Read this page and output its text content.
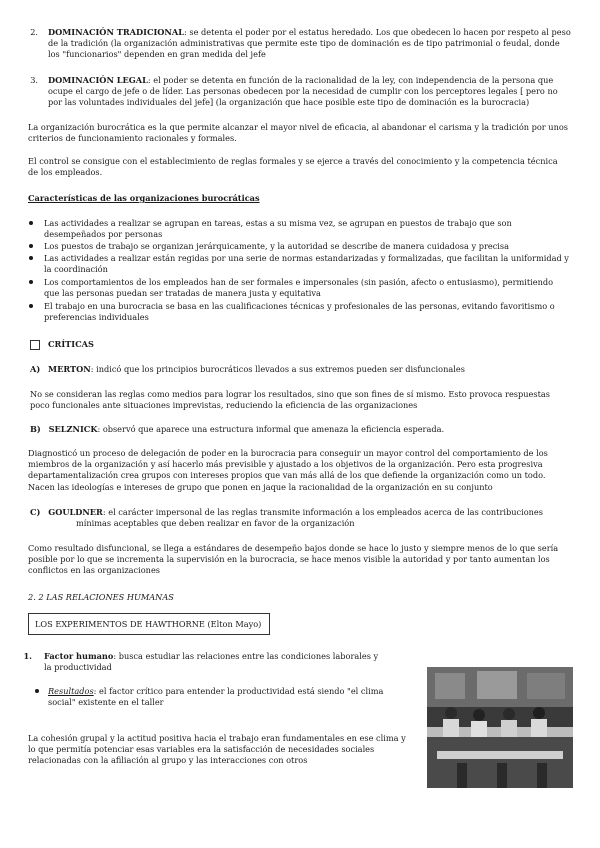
2. DOMINACIÓN TRADICIONAL: se detenta el poder por el estatus heredado. Los que obedecen lo hacen por respeto al peso de la tradición (la organización administrativas que permite este tipo de dominación es de tipo patrimonial o feudal, donde los "funcionarios" dependen en gran medida del jefe

3. DOMINACIÓN LEGAL: el poder se detenta en función de la racionalidad de la ley, con independencia de la persona que ocupe el cargo de jefe o de líder. Las personas obedecen por la necesidad de cumplir con los perceptores legales [ pero no por las voluntades individuales del jefe] (la organización que hace posible este tipo de dominación es la burocracia)

La organización burocrática es la que permite alcanzar el mayor nivel de eficacia, al abandonar el carisma y la tradición por unos criterios de funcionamiento racionales y formales.

El control se consigue con el establecimiento de reglas formales y se ejerce a través del conocimiento y la competencia técnica de los empleados.

Características de las organizaciones burocráticas

Las actividades a realizar se agrupan en tareas, estas a su misma vez, se agrupan en puestos de trabajo que son desempeñados por personas

Los puestos de trabajo se organizan jerárquicamente, y la autoridad se describe de manera cuidadosa y precisa

Las actividades a realizar están regidas por una serie de normas estandarizadas y formalizadas, que facilitan la uniformidad y la coordinación

Los comportamientos de los empleados han de ser formales e impersonales (sin pasión, afecto o entusiasmo), permitiendo que las personas puedan ser tratadas de manera justa y equitativa

El trabajo en una burocracia se basa en las cualificaciones técnicas y profesionales de las personas, evitando favoritismo o preferencias individuales

CRÍTICAS

A) MERTON: indicó que los principios burocráticos llevados a sus extremos pueden ser disfuncionales

No se consideran las reglas como medios para lograr los resultados, sino que son fines de sí mismo. Esto provoca respuestas poco funcionales ante situaciones imprevistas, reduciendo la eficiencia de las organizaciones

B) SELZNICK: observó que aparece una estructura informal que amenaza la eficiencia esperada.

Diagnosticó un proceso de delegación de poder en la burocracia para conseguir un mayor control del comportamiento de los miembros de la organización y así hacerlo más previsible y ajustado a los objetivos de la organización. Pero esta progresiva departamentalización crea grupos con intereses propios que van más allá de los que defiende la organización como un todo. Nacen las ideologías e intereses de grupo que ponen en jaque la racionalidad de la organización en su conjunto

C) GOULDNER: el carácter impersonal de las reglas transmite información a los empleados acerca de las contribuciones mínimas aceptables que deben realizar en favor de la organización

Como resultado disfuncional, se llega a estándares de desempeño bajos donde se hace lo justo y siempre menos de lo que sería posible por lo que se incrementa la supervisión en la burocracia, se hace menos visible la autoridad y por tanto aumentan los conflictos en las organizaciones

2. 2 LAS RELACIONES HUMANAS

LOS EXPERIMENTOS DE HAWTHORNE (Elton Mayo)
1. Factor humano: busca estudiar las relaciones entre las condiciones laborales y la productividad

Resultados: el factor crítico para entender la productividad está siendo "el clima social" existente en el taller

La cohesión grupal y la actitud positiva hacia el trabajo eran fundamentales en ese clima y lo que permitía potenciar esas variables era la satisfacción de necesidades sociales relacionadas con la afiliación al grupo y las interacciones con otros
